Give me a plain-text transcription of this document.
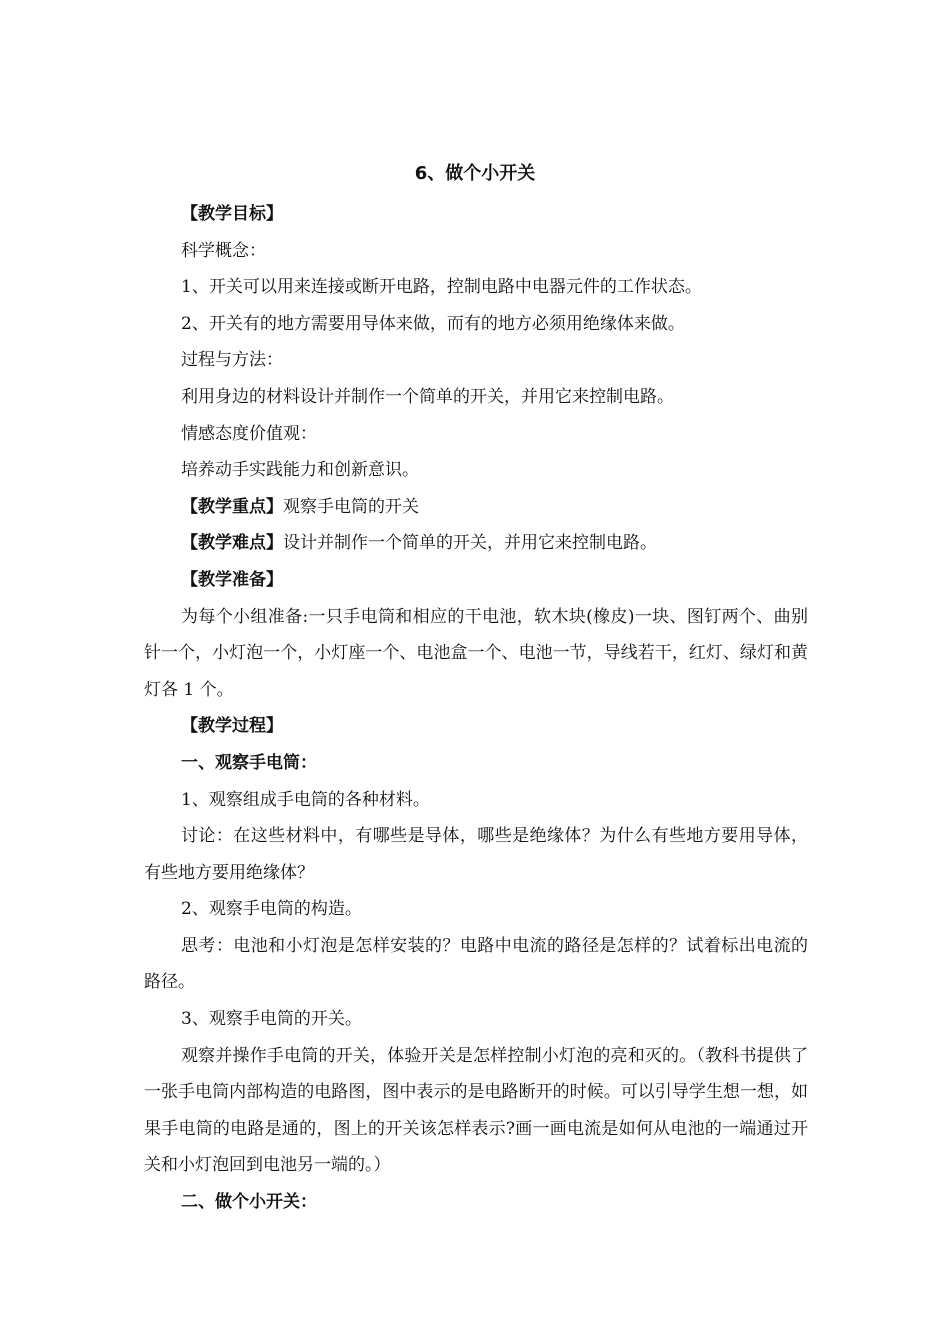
6、做个小开关

【教学目标】

科学概念：

1、开关可以用来连接或断开电路，控制电路中电器元件的工作状态。

2、开关有的地方需要用导体来做，而有的地方必须用绝缘体来做。

过程与方法：

利用身边的材料设计并制作一个简单的开关，并用它来控制电路。

情感态度价值观：

培养动手实践能力和创新意识。

【教学重点】观察手电筒的开关

【教学难点】设计并制作一个简单的开关，并用它来控制电路。

【教学准备】

为每个小组准备:一只手电筒和相应的干电池，软木块(橡皮)一块、图钉两个、曲别针一个，小灯泡一个，小灯座一个、电池盒一个、电池一节，导线若干，红灯、绿灯和黄灯各 1 个。

【教学过程】

一、观察手电筒：

1、观察组成手电筒的各种材料。

讨论：在这些材料中，有哪些是导体，哪些是绝缘体？为什么有些地方要用导体，有些地方要用绝缘体？

2、观察手电筒的构造。

思考：电池和小灯泡是怎样安装的？电路中电流的路径是怎样的？试着标出电流的路径。

3、观察手电筒的开关。

观察并操作手电筒的开关，体验开关是怎样控制小灯泡的亮和灭的。（教科书提供了一张手电筒内部构造的电路图，图中表示的是电路断开的时候。可以引导学生想一想，如果手电筒的电路是通的，图上的开关该怎样表示?画一画电流是如何从电池的一端通过开关和小灯泡回到电池另一端的。）

二、做个小开关：
